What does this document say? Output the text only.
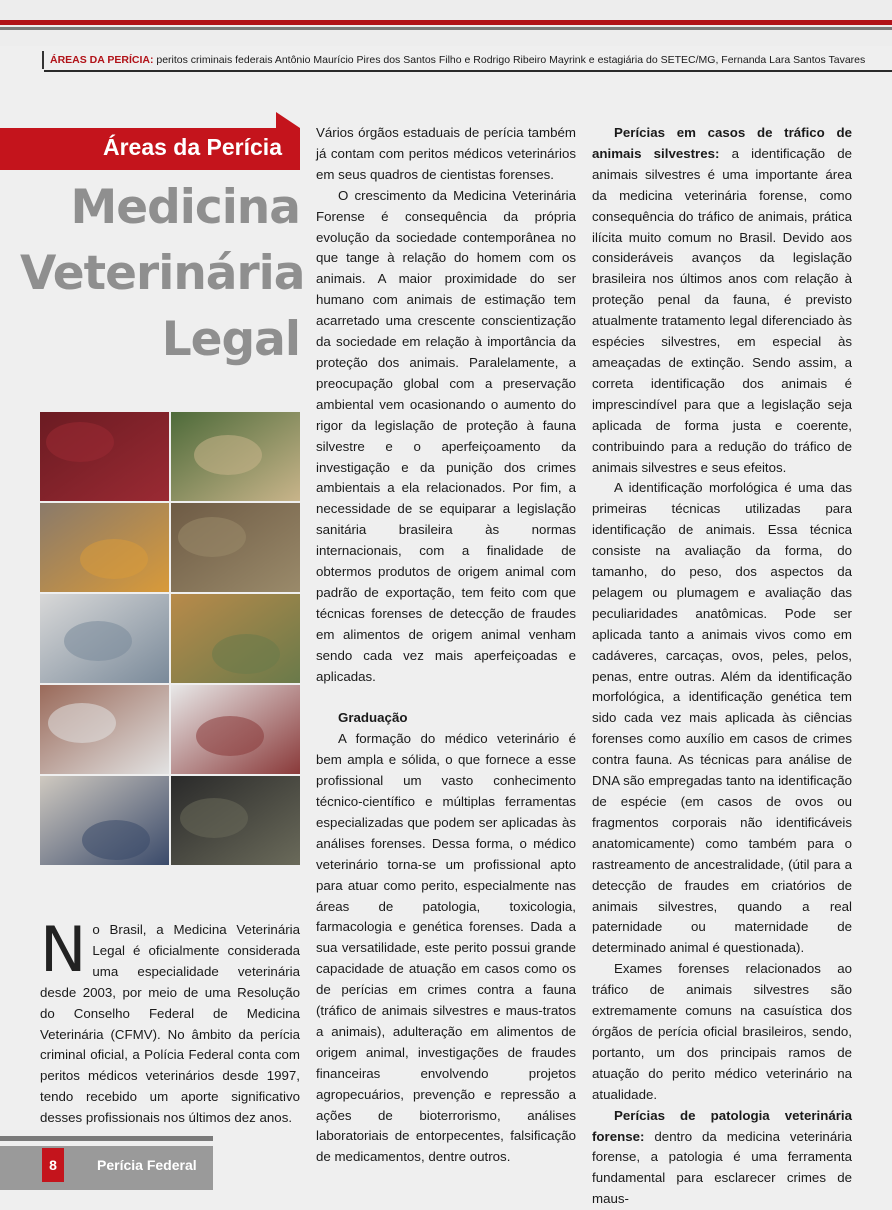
ÁREAS DA PERÍCIA: peritos criminais federais Antônio Maurício Pires dos Santos Filho e Rodrigo Ribeiro Mayrink e estagiária do SETEC/MG, Fernanda Lara Santos Tavares
Áreas da Perícia
Medicina
Veterinária
Legal
No Brasil, a Medicina Veterinária Legal é oficialmente considerada uma especialidade veterinária desde 2003, por meio de uma Resolução do Conselho Federal de Medicina Veterinária (CFMV). No âmbito da perícia criminal oficial, a Polícia Federal conta com peritos médicos veterinários desde 1997, tendo recebido um aporte significativo desses profissionais nos últimos dez anos.

Vários órgãos estaduais de perícia também já contam com peritos médicos veterinários em seus quadros de cientistas forenses.

O crescimento da Medicina Veterinária Forense é consequência da própria evolução da sociedade contemporânea no que tange à relação do homem com os animais. A maior proximidade do ser humano com animais de estimação tem acarretado uma crescente conscientização da sociedade em relação à importância da proteção dos animais. Paralelamente, a preocupação global com a preservação ambiental vem ocasionando o aumento do rigor da legislação de proteção à fauna silvestre e o aperfeiçoamento da investigação e da punição dos crimes ambientais a ela relacionados. Por fim, a necessidade de se equiparar a legislação sanitária brasileira às normas internacionais, com a finalidade de obtermos produtos de origem animal com padrão de exportação, tem feito com que técnicas forenses de detecção de fraudes em alimentos de origem animal venham sendo cada vez mais aperfeiçoadas e aplicadas.

Graduação

A formação do médico veterinário é bem ampla e sólida, o que fornece a esse profissional um vasto conhecimento técnico-científico e múltiplas ferramentas especializadas que podem ser aplicadas às análises forenses. Dessa forma, o médico veterinário torna-se um profissional apto para atuar como perito, especialmente nas áreas de patologia, toxicologia, farmacologia e genética forenses. Dada a sua versatilidade, este perito possui grande capacidade de atuação em casos como os de perícias em crimes contra a fauna (tráfico de animais silvestres e maus-tratos a animais), adulteração em alimentos de origem animal, investigações de fraudes financeiras envolvendo projetos agropecuários, prevenção e repressão a ações de bioterrorismo, análises laboratoriais de entorpecentes, falsificação de medicamentos, dentre outros.

Perícias em casos de tráfico de animais silvestres: a identificação de animais silvestres é uma importante área da medicina veterinária forense, como consequência do tráfico de animais, prática ilícita muito comum no Brasil. Devido aos consideráveis avanços da legislação brasileira nos últimos anos com relação à proteção penal da fauna, é previsto atualmente tratamento legal diferenciado às espécies silvestres, em especial às ameaçadas de extinção. Sendo assim, a correta identificação dos animais é imprescindível para que a legislação seja aplicada de forma justa e coerente, contribuindo para a redução do tráfico de animais silvestres e seus efeitos.

A identificação morfológica é uma das primeiras técnicas utilizadas para identificação de animais. Essa técnica consiste na avaliação da forma, do tamanho, do peso, dos aspectos da pelagem ou plumagem e avaliação das peculiaridades anatômicas. Pode ser aplicada tanto a animais vivos como em cadáveres, carcaças, ovos, peles, pelos, penas, entre outras. Além da identificação morfológica, a identificação genética tem sido cada vez mais aplicada às ciências forenses como auxílio em casos de crimes contra fauna. As técnicas para análise de DNA são empregadas tanto na identificação de espécie (em casos de ovos ou fragmentos corporais não identificáveis anatomicamente) como também para o rastreamento de ancestralidade, (útil para a detecção de fraudes em criatórios de animais silvestres, quando a real paternidade ou maternidade de determinado animal é questionada).

Exames forenses relacionados ao tráfico de animais silvestres são extremamente comuns na casuística dos órgãos de perícia oficial brasileiros, sendo, portanto, um dos principais ramos de atuação do perito médico veterinário na atualidade.

Perícias de patologia veterinária forense: dentro da medicina veterinária forense, a patologia é uma ferramenta fundamental para esclarecer crimes de maus-

8	Perícia Federal
